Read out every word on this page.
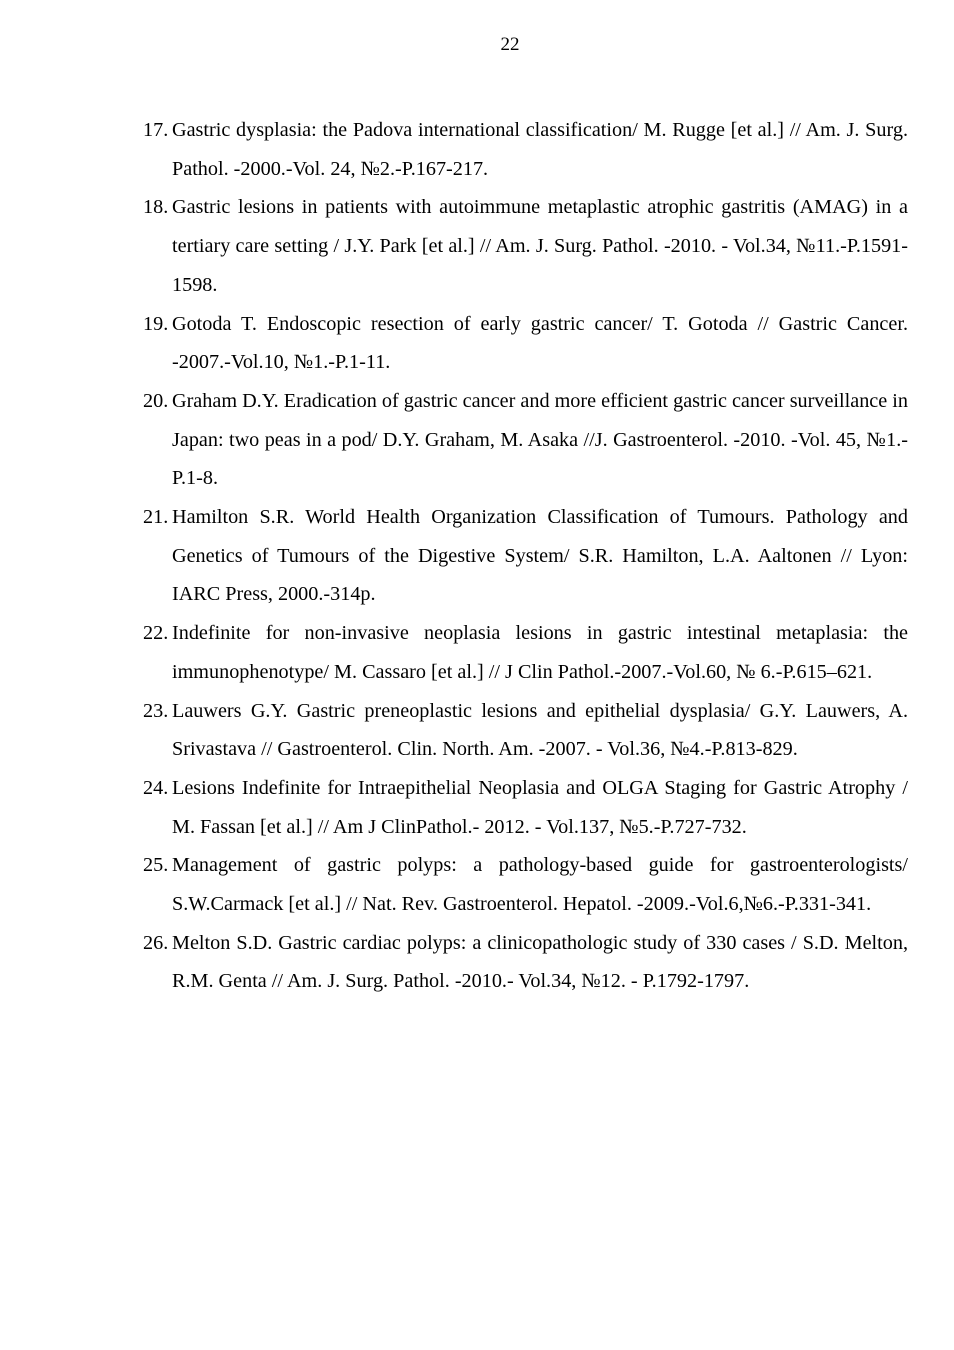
22
17. Gastric dysplasia: the Padova international classification/ M. Rugge [et al.] // Am. J. Surg. Pathol. -2000.-Vol. 24, №2.-P.167-217.
18. Gastric lesions in patients with autoimmune metaplastic atrophic gastritis (AMAG) in a tertiary care setting / J.Y. Park [et al.] // Am. J. Surg. Pathol. -2010. - Vol.34, №11.-P.1591-1598.
19. Gotoda T. Endoscopic resection of early gastric cancer/ T. Gotoda // Gastric Cancer. -2007.-Vol.10, №1.-P.1-11.
20. Graham D.Y. Eradication of gastric cancer and more efficient gastric cancer surveillance in Japan: two peas in a pod/ D.Y. Graham, M. Asaka //J. Gastroenterol. -2010. -Vol. 45, №1.-P.1-8.
21. Hamilton S.R. World Health Organization Classification of Tumours. Pathology and Genetics of Tumours of the Digestive System/ S.R. Hamilton, L.A. Aaltonen // Lyon: IARC Press, 2000.-314p.
22. Indefinite for non-invasive neoplasia lesions in gastric intestinal metaplasia: the immunophenotype/ M. Cassaro [et al.] // J Clin Pathol.-2007.-Vol.60, № 6.-P.615–621.
23. Lauwers G.Y. Gastric preneoplastic lesions and epithelial dysplasia/ G.Y. Lauwers, A. Srivastava // Gastroenterol. Clin. North. Am. -2007. - Vol.36, №4.-P.813-829.
24. Lesions Indefinite for Intraepithelial Neoplasia and OLGA Staging for Gastric Atrophy / M. Fassan [et al.] // Am J ClinPathol.- 2012. - Vol.137, №5.-P.727-732.
25. Management of gastric polyps: a pathology-based guide for gastroenterologists/ S.W.Carmack [et al.] // Nat. Rev. Gastroenterol. Hepatol. -2009.-Vol.6,№6.-P.331-341.
26. Melton S.D. Gastric cardiac polyps: a clinicopathologic study of 330 cases / S.D. Melton, R.M. Genta // Am. J. Surg. Pathol. -2010.- Vol.34, №12. - P.1792-1797.
